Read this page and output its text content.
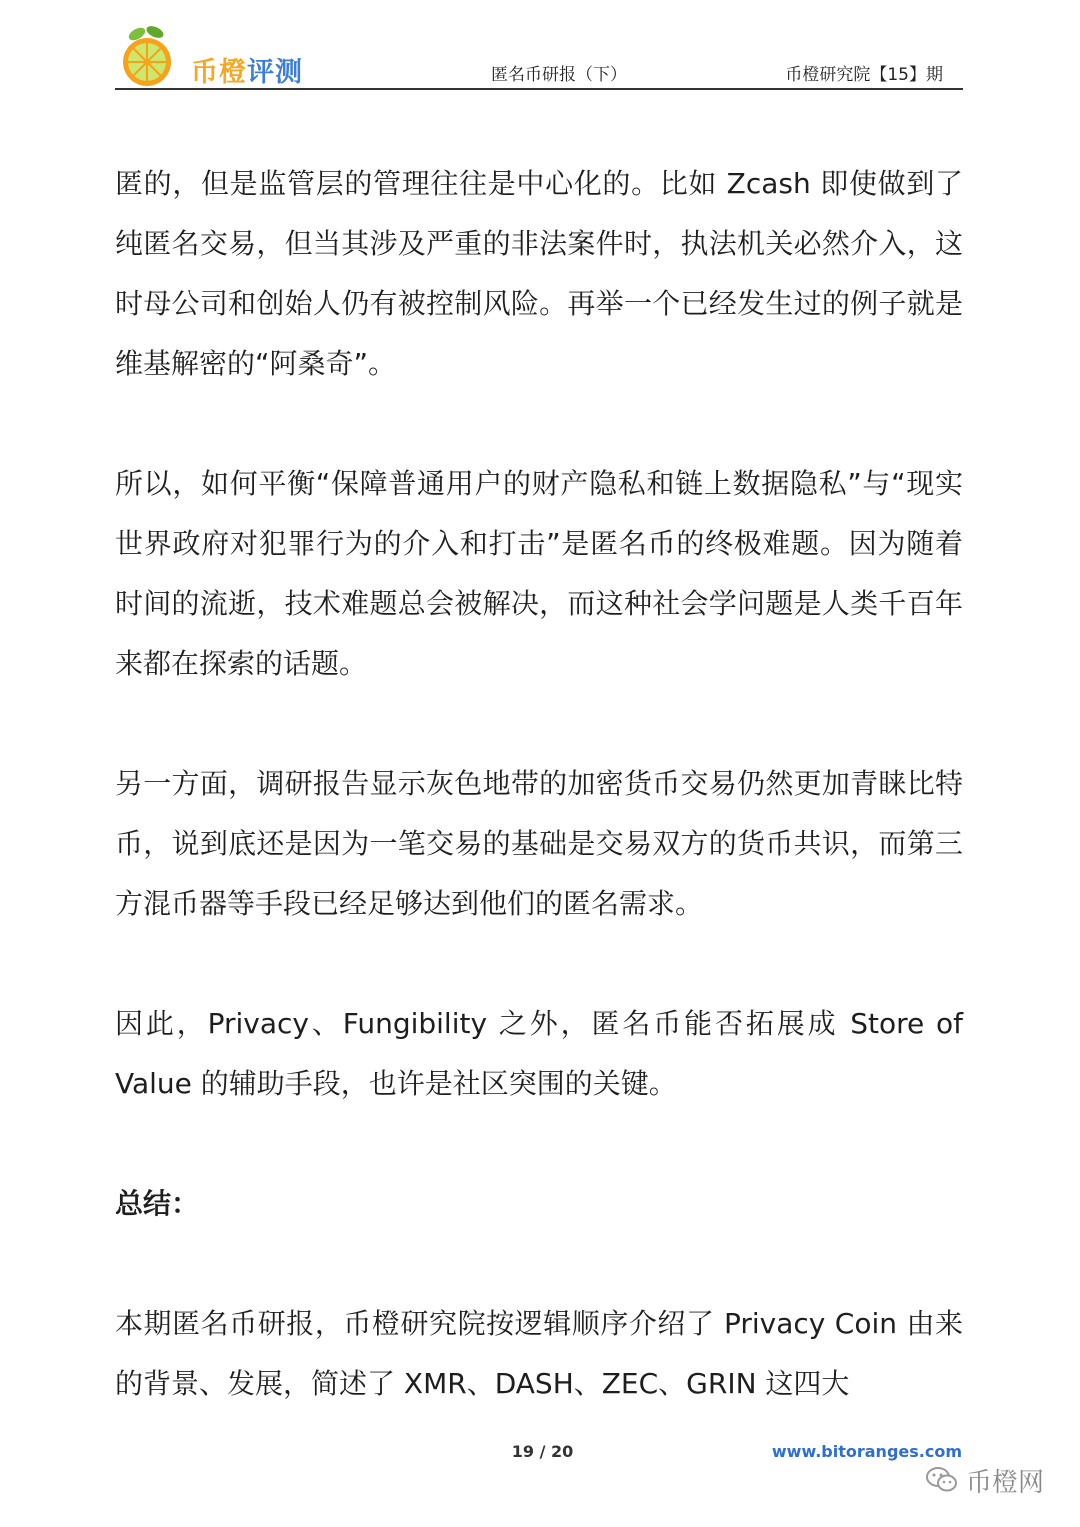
币橙评测	匿名币研报（下）	币橙研究院【15】期

匿的，但是监管层的管理往往是中心化的。比如 Zcash 即使做到了纯匿名交易，但当其涉及严重的非法案件时，执法机关必然介入，这时母公司和创始人仍有被控制风险。再举一个已经发生过的例子就是维基解密的“阿桑奇”。

所以，如何平衡“保障普通用户的财产隐私和链上数据隐私”与“现实世界政府对犯罪行为的介入和打击”是匿名币的终极难题。因为随着时间的流逝，技术难题总会被解决，而这种社会学问题是人类千百年来都在探索的话题。

另一方面，调研报告显示灰色地带的加密货币交易仍然更加青睐比特币，说到底还是因为一笔交易的基础是交易双方的货币共识，而第三方混币器等手段已经足够达到他们的匿名需求。

因此，Privacy、Fungibility 之外，匿名币能否拓展成 Store of Value 的辅助手段，也许是社区突围的关键。

总结：

本期匿名币研报，币橙研究院按逻辑顺序介绍了 Privacy Coin 由来的背景、发展，简述了 XMR、DASH、ZEC、GRIN 这四大

19 / 20	www.bitoranges.com
币橙网
